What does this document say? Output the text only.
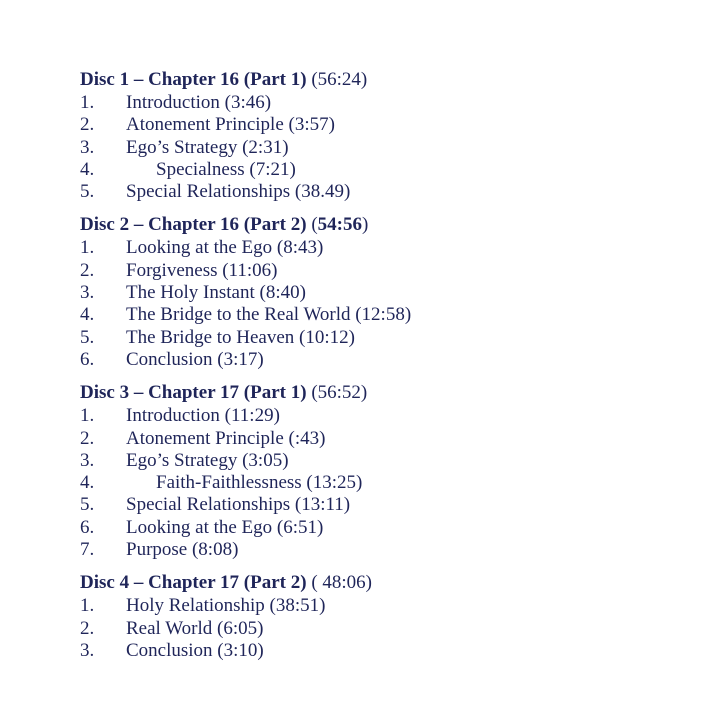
Disc 1 – Chapter 16 (Part 1) (56:24)
1.	Introduction (3:46)
2.	Atonement Principle (3:57)
3.	Ego’s Strategy (2:31)
4.	Specialness (7:21)
5.	Special Relationships (38.49)
Disc 2 – Chapter 16 (Part 2) (54:56)
1.	Looking at the Ego (8:43)
2.	Forgiveness (11:06)
3.	The Holy Instant (8:40)
4.	The Bridge to the Real World (12:58)
5.	The Bridge to Heaven (10:12)
6.	Conclusion (3:17)
Disc 3 – Chapter 17 (Part 1) (56:52)
1.	Introduction (11:29)
2.	Atonement Principle (:43)
3.	Ego’s Strategy (3:05)
4.	Faith-Faithlessness (13:25)
5.	Special Relationships (13:11)
6.	Looking at the Ego (6:51)
7.	Purpose (8:08)
Disc 4 – Chapter 17 (Part 2) ( 48:06)
1.	Holy Relationship (38:51)
2.	Real World (6:05)
3.	Conclusion (3:10)
